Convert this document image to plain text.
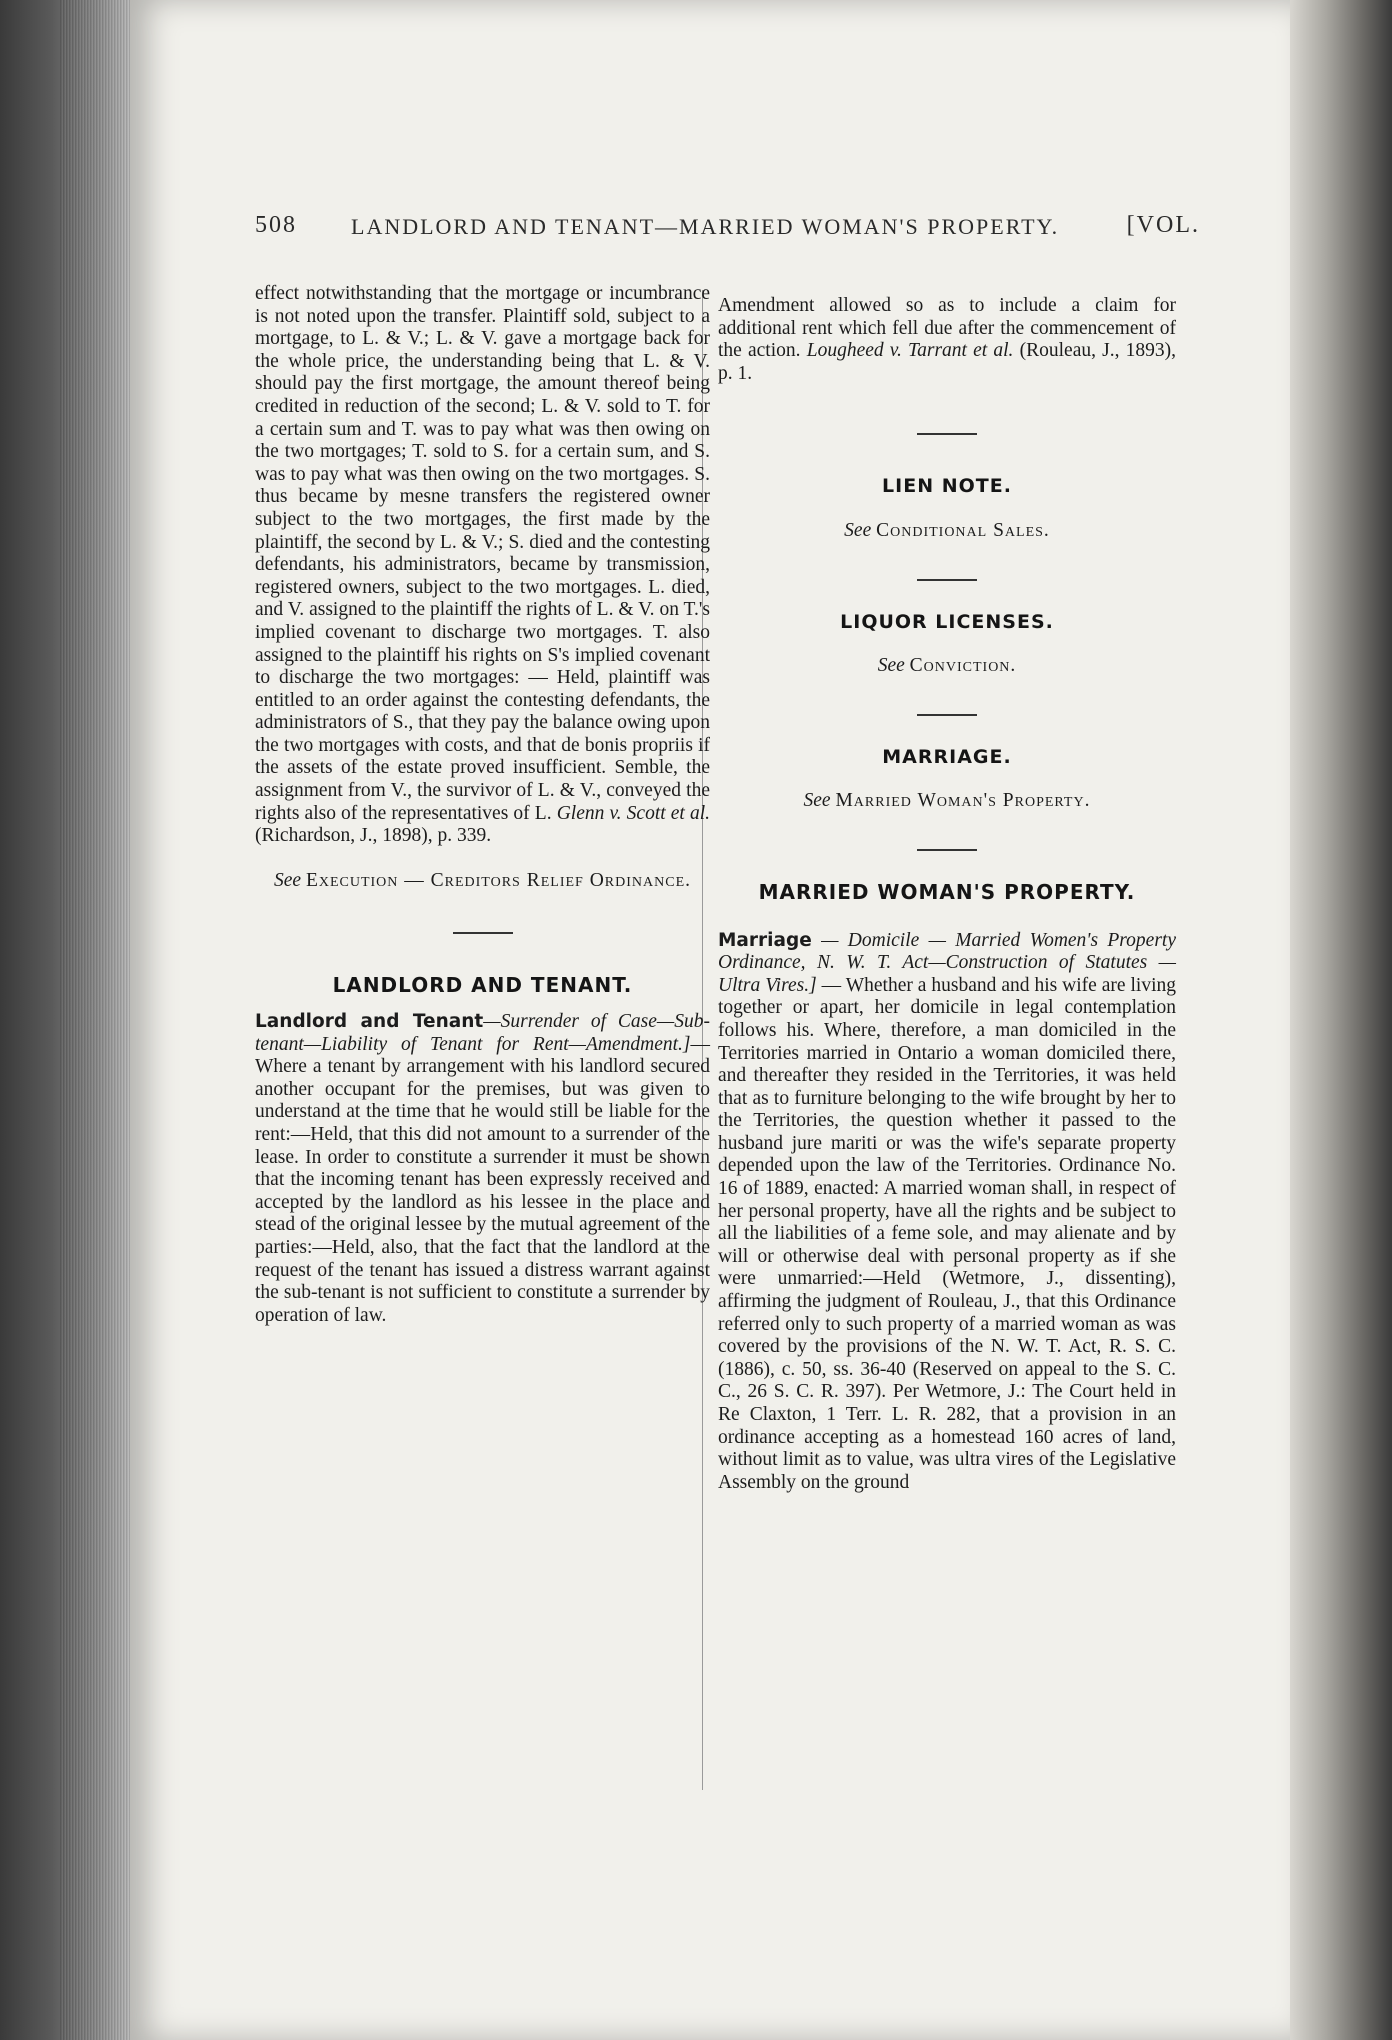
508 LANDLORD AND TENANT—MARRIED WOMAN'S PROPERTY.	[VOL.

effect notwithstanding that the mortgage or incumbrance is not noted upon the transfer. Plaintiff sold, subject to a mortgage, to L. & V.; L. & V. gave a mortgage back for the whole price, the understanding being that L. & V. should pay the first mortgage, the amount thereof being credited in reduction of the second; L. & V. sold to T. for a certain sum and T. was to pay what was then owing on the two mortgages; T. sold to S. for a certain sum, and S. was to pay what was then owing on the two mortgages. S. thus became by mesne transfers the registered owner subject to the two mortgages, the first made by the plaintiff, the second by L. & V.; S. died and the contesting defendants, his administrators, became by transmission, registered owners, subject to the two mortgages. L. died, and V. assigned to the plaintiff the rights of L. & V. on T.'s implied covenant to discharge two mortgages. T. also assigned to the plaintiff his rights on S's implied covenant to discharge the two mortgages: — Held, plaintiff was entitled to an order against the contesting defendants, the administrators of S., that they pay the balance owing upon the two mortgages with costs, and that de bonis propriis if the assets of the estate proved insufficient. Semble, the assignment from V., the survivor of L. & V., conveyed the rights also of the representatives of L. Glenn v. Scott et al. (Richardson, J., 1898), p. 339.

See Execution — Creditors Relief Ordinance.
LANDLORD AND TENANT.

Landlord and Tenant—Surrender of Case—Sub-tenant—Liability of Tenant for Rent—Amendment.]—Where a tenant by arrangement with his landlord secured another occupant for the premises, but was given to understand at the time that he would still be liable for the rent:—Held, that this did not amount to a surrender of the lease. In order to constitute a surrender it must be shown that the incoming tenant has been expressly received and accepted by the landlord as his lessee in the place and stead of the original lessee by the mutual agreement of the parties:—Held, also, that the fact that the landlord at the request of the tenant has issued a distress warrant against the sub-tenant is not sufficient to constitute a surrender by operation of law.

Amendment allowed so as to include a claim for additional rent which fell due after the commencement of the action. Lougheed v. Tarrant et al. (Rouleau, J., 1893), p. 1.

LIEN NOTE.
See Conditional Sales.
LIQUOR LICENSES.
See Conviction.
MARRIAGE.
See Married Woman's Property.
MARRIED WOMAN'S PROPERTY.

Marriage — Domicile — Married Women's Property Ordinance, N. W. T. Act—Construction of Statutes — Ultra Vires.] — Whether a husband and his wife are living together or apart, her domicile in legal contemplation follows his. Where, therefore, a man domiciled in the Territories married in Ontario a woman domiciled there, and thereafter they resided in the Territories, it was held that as to furniture belonging to the wife brought by her to the Territories, the question whether it passed to the husband jure mariti or was the wife's separate property depended upon the law of the Territories. Ordinance No. 16 of 1889, enacted: A married woman shall, in respect of her personal property, have all the rights and be subject to all the liabilities of a feme sole, and may alienate and by will or otherwise deal with personal property as if she were unmarried:—Held (Wetmore, J., dissenting), affirming the judgment of Rouleau, J., that this Ordinance referred only to such property of a married woman as was covered by the provisions of the N. W. T. Act, R. S. C. (1886), c. 50, ss. 36-40 (Reserved on appeal to the S. C. C., 26 S. C. R. 397). Per Wetmore, J.: The Court held in Re Claxton, 1 Terr. L. R. 282, that a provision in an ordinance accepting as a homestead 160 acres of land, without limit as to value, was ultra vires of the Legislative Assembly on the ground
